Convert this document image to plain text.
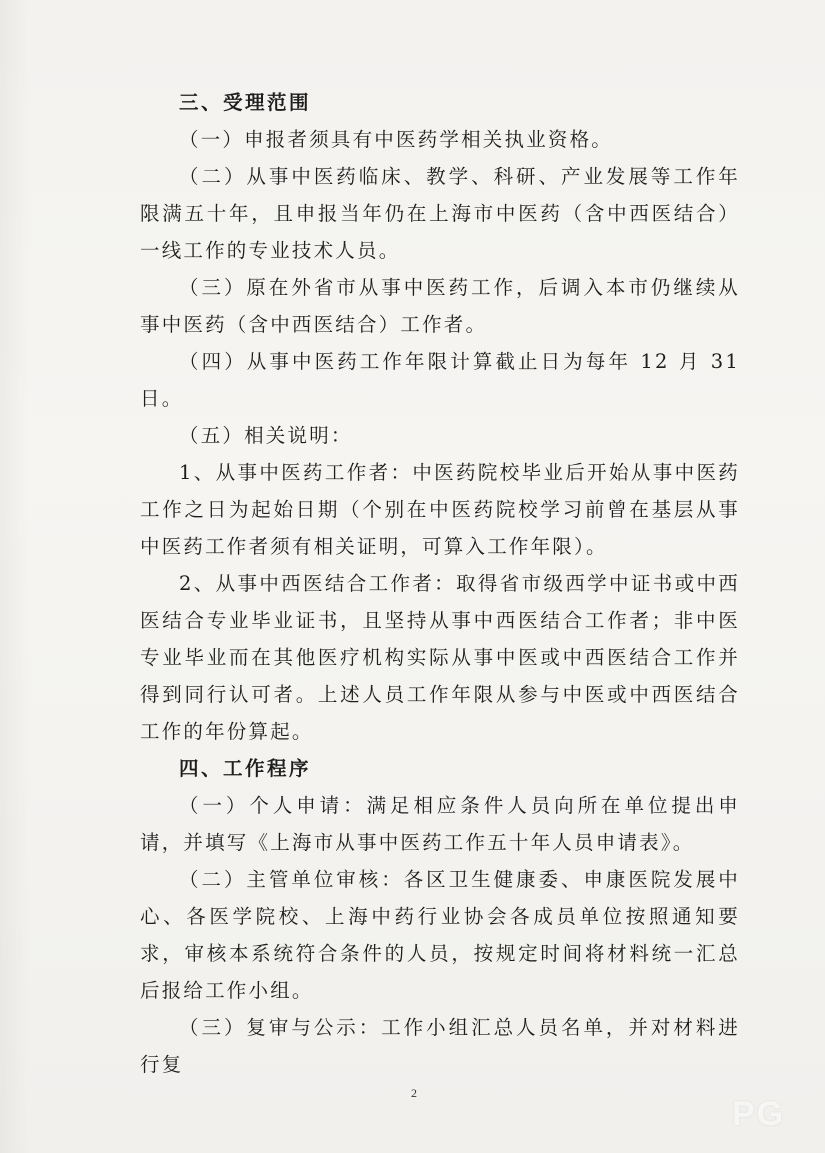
三、受理范围

（一）申报者须具有中医药学相关执业资格。

（二）从事中医药临床、教学、科研、产业发展等工作年限满五十年，且申报当年仍在上海市中医药（含中西医结合）一线工作的专业技术人员。

（三）原在外省市从事中医药工作，后调入本市仍继续从事中医药（含中西医结合）工作者。

（四）从事中医药工作年限计算截止日为每年 12 月 31 日。

（五）相关说明：

1、从事中医药工作者：中医药院校毕业后开始从事中医药工作之日为起始日期（个别在中医药院校学习前曾在基层从事中医药工作者须有相关证明，可算入工作年限）。

2、从事中西医结合工作者：取得省市级西学中证书或中西医结合专业毕业证书，且坚持从事中西医结合工作者；非中医专业毕业而在其他医疗机构实际从事中医或中西医结合工作并得到同行认可者。上述人员工作年限从参与中医或中西医结合工作的年份算起。

四、工作程序

（一）个人申请：满足相应条件人员向所在单位提出申请，并填写《上海市从事中医药工作五十年人员申请表》。

（二）主管单位审核：各区卫生健康委、申康医院发展中心、各医学院校、上海中药行业协会各成员单位按照通知要求，审核本系统符合条件的人员，按规定时间将材料统一汇总后报给工作小组。

（三）复审与公示：工作小组汇总人员名单，并对材料进行复

2
PG
